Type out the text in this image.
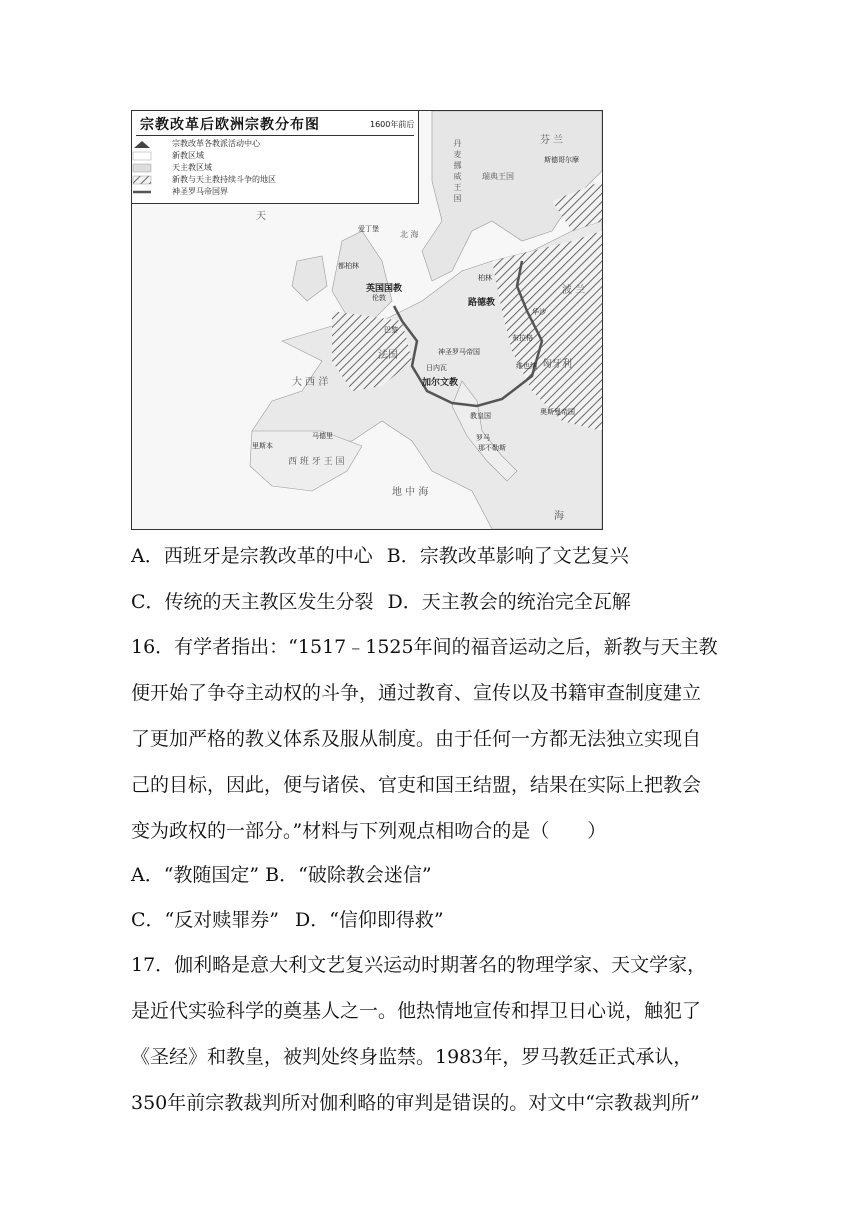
宗教改革后欧洲宗教分布图	1600年前后
宗教改革各教派活动中心
新教区域
天主教区域
新教与天主教持续斗争的地区
神圣罗马帝国界
芬 兰
斯德哥尔摩
丹麦挪威王国	瑞典王国
爱丁堡
北 海
都柏林
英国国教
伦敦
柏林
路德教
华沙
波 兰
巴黎
布拉格
维也纳 匈牙利
法国	神圣罗马帝国
日内瓦
加尔文教
大 西 洋
里斯本
马德里
西 班 牙 王 国
罗马
教皇国
那不勒斯
地 中 海
天
海
奥斯曼帝国
A．西班牙是宗教改革的中心 B．宗教改革影响了文艺复兴
C．传统的天主教区发生分裂 D．天主教会的统治完全瓦解
16．有学者指出：“1517﹣1525年间的福音运动之后，新教与天主教
便开始了争夺主动权的斗争，通过教育、宣传以及书籍审查制度建立
了更加严格的教义体系及服从制度。由于任何一方都无法独立实现自
己的目标，因此，便与诸侯、官吏和国王结盟，结果在实际上把教会
变为政权的一部分。”材料与下列观点相吻合的是（　　）
A．“教随国定” B．“破除教会迷信”
C．“反对赎罪券” D．“信仰即得救”
17．伽利略是意大利文艺复兴运动时期著名的物理学家、天文学家，
是近代实验科学的奠基人之一。他热情地宣传和捍卫日心说，触犯了
《圣经》和教皇，被判处终身监禁。1983年，罗马教廷正式承认，
350年前宗教裁判所对伽利略的审判是错误的。对文中“宗教裁判所”
